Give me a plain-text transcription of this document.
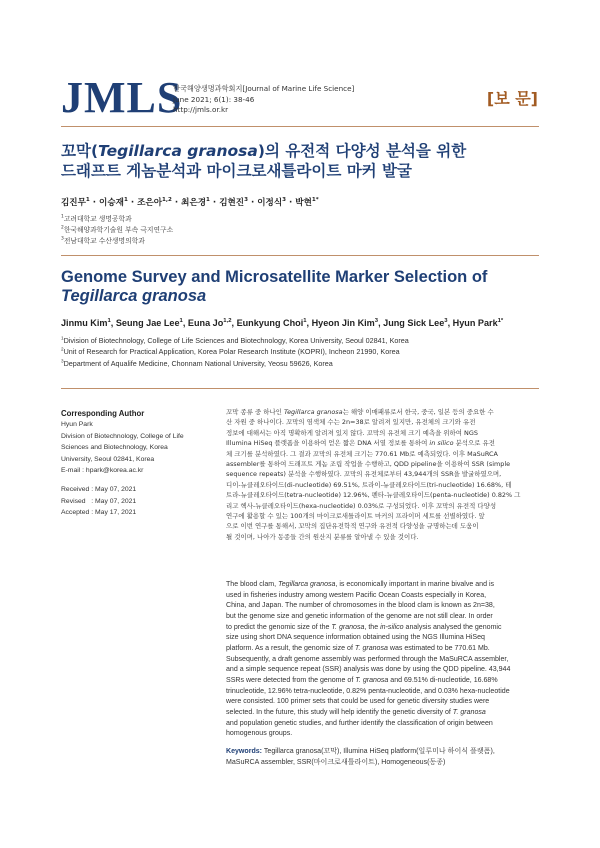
JMLS
한국해양생명과학회지[Journal of Marine Life Science]
June 2021; 6(1): 38-46
http://jmls.or.kr
[보 문]
꼬막(Tegillarca granosa)의 유전적 다양성 분석을 위한
드래프트 게놈분석과 마이크로새틀라이트 마커 발굴
김진무$^1$ · 이승재$^1$ · 조은아$^{1,2}$ · 최은경$^1$ · 김현진$^3$ · 이정식$^3$ · 박현$^{1*}$
$^1$고려대학교 생명공학과
$^2$한국해양과학기술원 부속 극지연구소
$^3$전남대학교 수산생명의학과
Genome Survey and Microsatellite Marker Selection of
Tegillarca granosa
Jinmu Kim$^1$, Seung Jae Lee$^1$, Euna Jo$^{1,2}$, Eunkyung Choi$^1$, Hyeon Jin Kim$^3$, Jung Sick Lee$^3$, Hyun Park$^{1*}$
$^1$Division of Biotechnology, College of Life Sciences and Biotechnology, Korea University, Seoul 02841, Korea
$^2$Unit of Research for Practical Application, Korea Polar Research Institute (KOPRI), Incheon 21990, Korea
$^3$Department of Aqualife Medicine, Chonnam National University, Yeosu 59626, Korea
Corresponding Author
Hyun Park
Division of Biotechnology, College of Life
Sciences and Biotechnology, Korea
University, Seoul 02841, Korea
E-mail : hpark@korea.ac.kr
Received : May 07, 2021
Revised   : May 07, 2021
Accepted : May 17, 2021
꼬막 종류 중 하나인 Tegillarca granosa는 해양 이매패류로서 한국, 중국, 일본 등의 중요한 수
산 자원 중 하나이다. 꼬막의 염색체 수는 2n=38로 알려져 있지만, 유전체의 크기와 유전
정보에 대해서는 아직 명확하게 알려져 있지 않다. 꼬막의 유전체 크기 예측을 위하여 NGS
Illumina HiSeq 플랫폼을 이용하여 얻은 짧은 DNA 서열 정보를 통하여 in silico 분석으로 유전
체 크기를 분석하였다. 그 결과 꼬막의 유전체 크기는 770.61 Mb로 예측되었다. 이후 MaSuRCA
assembler를 통하여 드래프트 게놈 조립 작업을 수행하고, QDD pipeline을 이용하여 SSR (simple
sequence repeats) 분석을 수행하였다. 꼬막의 유전체로부터 43,944개의 SSR을 발굴하였으며,
디이-뉴클레오타이드(di-nucleotide) 69.51%, 트라이-뉴클레오타이드(tri-nucleotide) 16.68%, 테
트라-뉴클레오타이드(tetra-nucleotide) 12.96%, 펜타-뉴클레오타이드(penta-nucleotide) 0.82% 그
리고 헥사-뉴클레오타이드(hexa-nucleotide) 0.03%로 구성되었다. 이후 꼬막의 유전적 다양성
연구에 활용할 수 있는 100개의 마이크로새틀라이트 마커의 프라이머 세트를 선별하였다. 앞
으로 이번 연구를 통해서, 꼬막의 집단유전학적 연구와 유전적 다양성을 규명하는데 도움이
될 것이며, 나아가 동종들 간의 원산지 분류를 알아낼 수 있을 것이다.
The blood clam, Tegillarca granosa, is economically important in marine bivalve and is
used in fisheries industry among western Pacific Ocean Coasts especially in Korea,
China, and Japan. The number of chromosomes in the blood clam is known as 2n=38,
but the genome size and genetic information of the genome are not still clear. In order
to predict the genomic size of the T. granosa, the in-silico analysis analysed the genomic
size using short DNA sequence information obtained using the NGS Illumina HiSeq
platform. As a result, the genomic size of T. granosa was estimated to be 770.61 Mb.
Subsequently, a draft genome assembly was performed through the MaSuRCA assembler,
and a simple sequence repeat (SSR) analysis was done by using the QDD pipeline. 43,944
SSRs were detected from the genome of T. granosa and 69.51% di-nucleotide, 16.68%
trinucleotide, 12.96% tetra-nucleotide, 0.82% penta-nucleotide, and 0.03% hexa-nucleotide
were consisted. 100 primer sets that could be used for genetic diversity studies were
selected. In the future, this study will help identify the genetic diversity of T. granosa
and population genetic studies, and further identify the classification of origin between
homogenous groups.
Keywords: Tegillarca granosa(꼬막), Illumina HiSeq platform(일루미나 하이식 플랫폼),
MaSuRCA assembler, SSR(마이크로새틀라이트), Homogeneous(동종)
